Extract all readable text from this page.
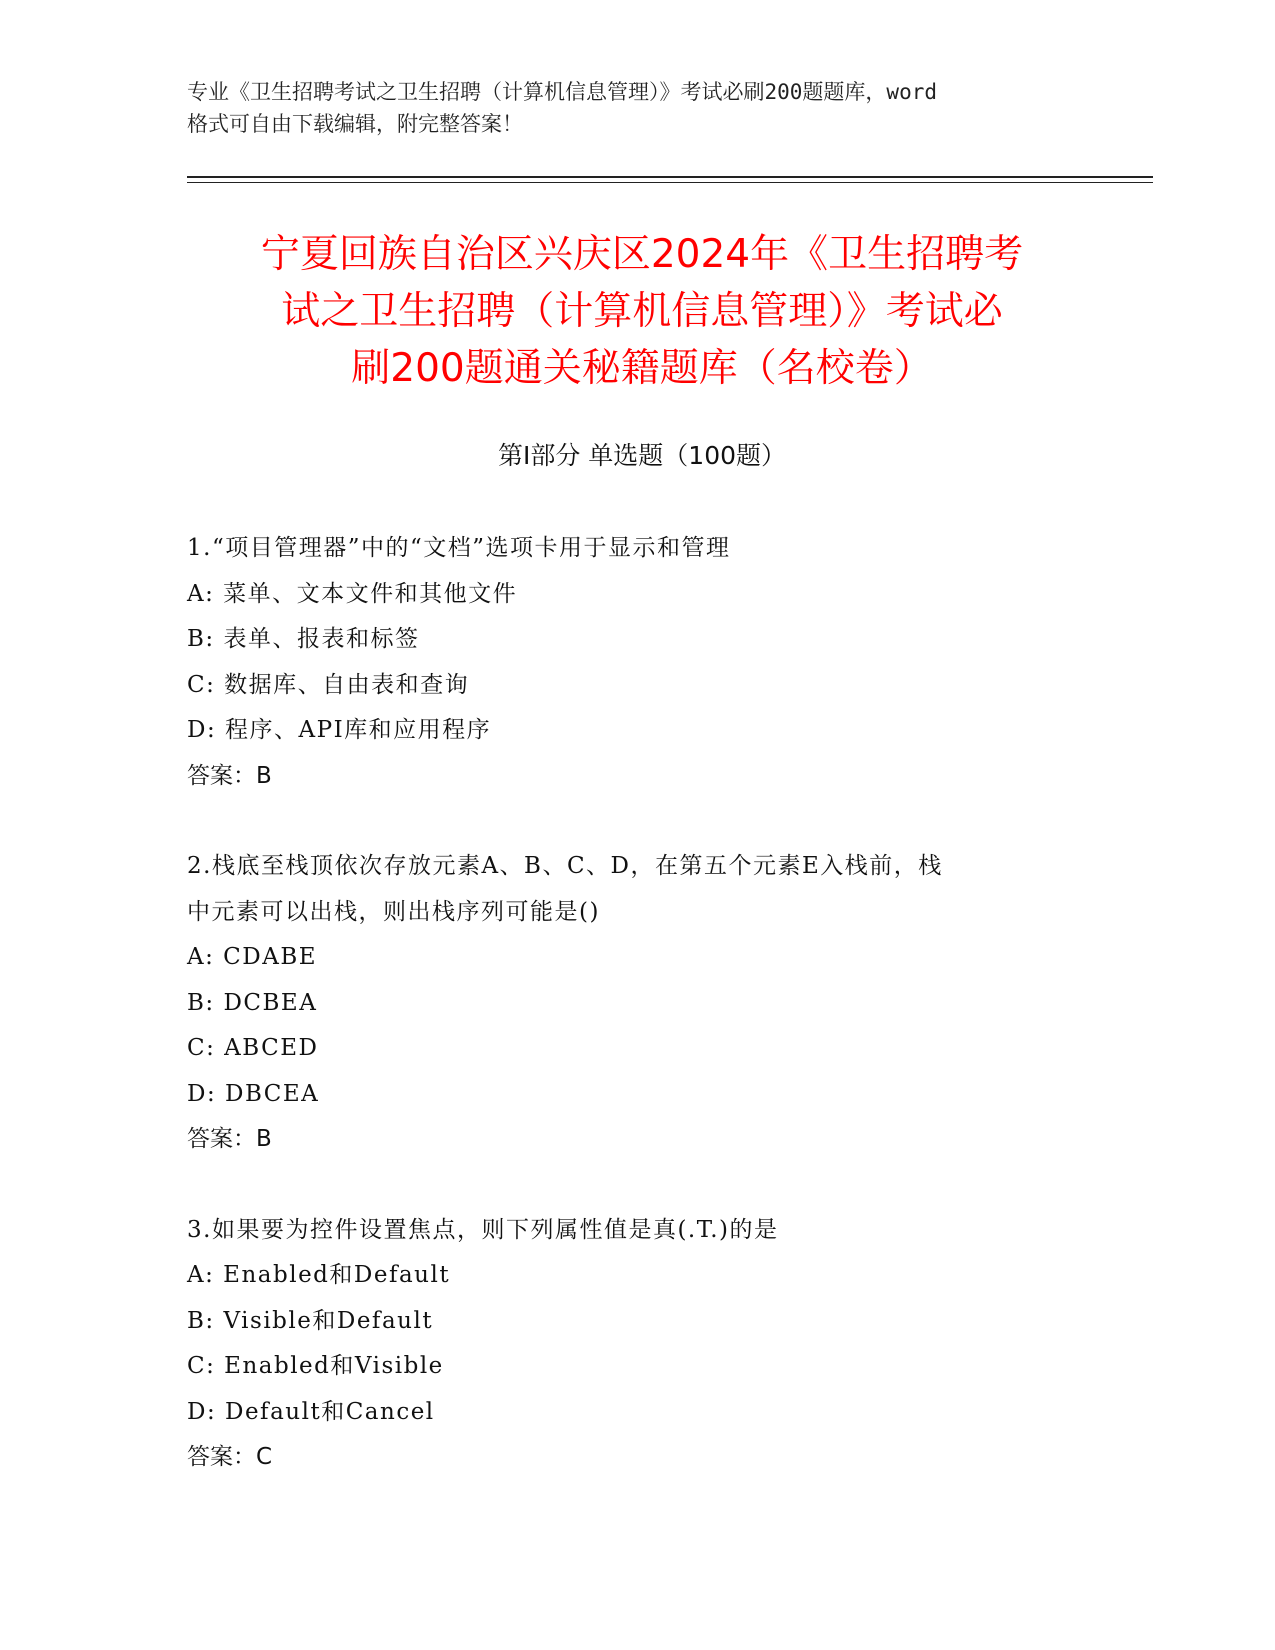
专业《卫生招聘考试之卫生招聘（计算机信息管理）》考试必刷200题题库，word
格式可自由下载编辑，附完整答案！
宁夏回族自治区兴庆区2024年《卫生招聘考
试之卫生招聘（计算机信息管理）》考试必
刷200题通关秘籍题库（名校卷）
第Ⅰ部分 单选题（100题）
1.“项目管理器”中的“文档”选项卡用于显示和管理
A: 菜单、文本文件和其他文件
B: 表单、报表和标签
C: 数据库、自由表和查询
D: 程序、API库和应用程序
答案：B
2.栈底至栈顶依次存放元素A、B、C、D，在第五个元素E入栈前，栈
中元素可以出栈，则出栈序列可能是()
A: CDABE
B: DCBEA
C: ABCED
D: DBCEA
答案：B
3.如果要为控件设置焦点，则下列属性值是真(.T.)的是
A: Enabled和Default
B: Visible和Default
C: Enabled和Visible
D: Default和Cancel
答案：C
